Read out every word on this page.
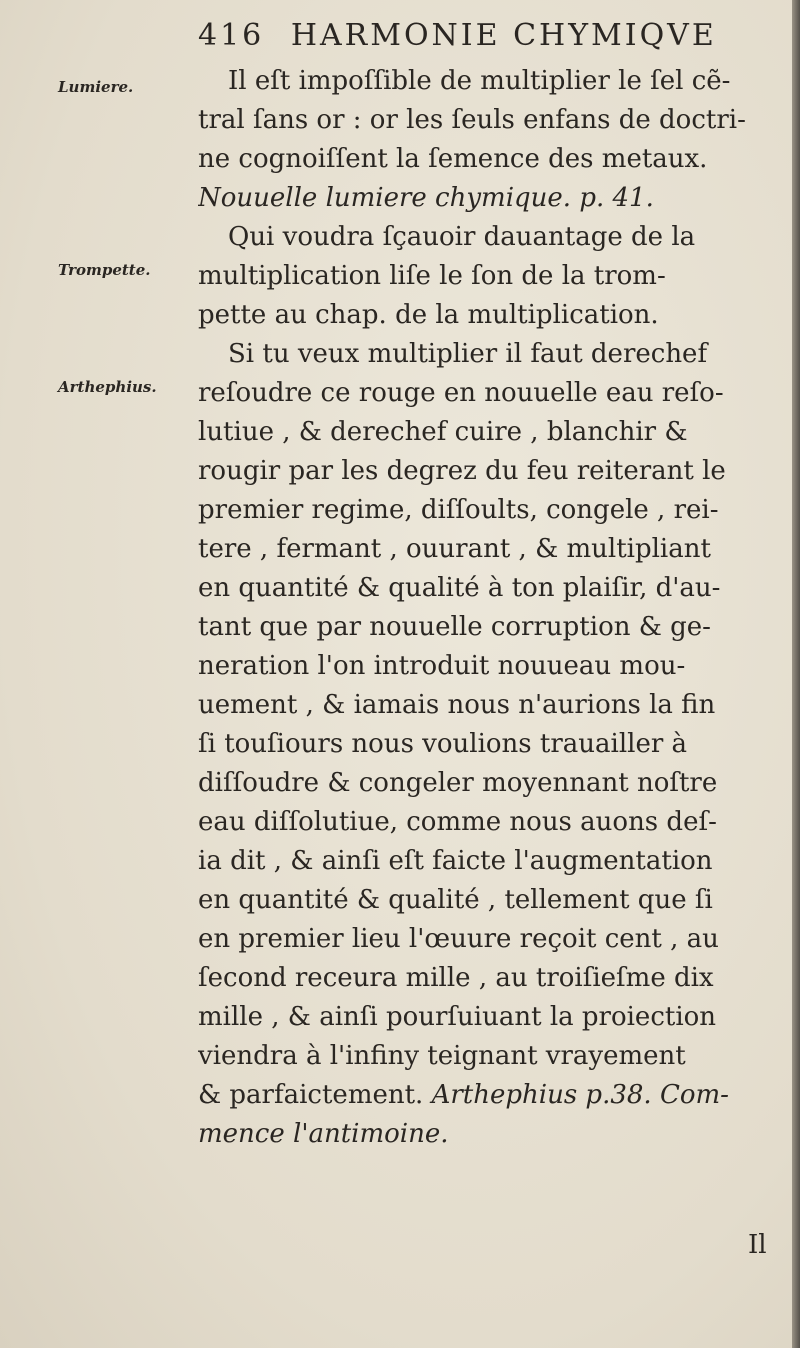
416 HARMONIE CHYMIQVE
Lumiere.
Trompette.
Arthephius.
Il eſt impoſſible de multiplier le ſel cẽ-
tral ſans or : or les ſeuls enfans de doctri-
ne cognoiſſent la ſemence des metaux.
Nouuelle lumiere chymique. p. 41.
Qui voudra ſçauoir dauantage de la
multiplication liſe le ſon de la trom-
pette au chap. de la multiplication.
Si tu veux multiplier il faut derechef
reſoudre ce rouge en nouuelle eau reſo-
lutiue , & derechef cuire , blanchir &
rougir par les degrez du feu reiterant le
premier regime, diſſoults, congele , rei-
tere , fermant , ouurant , & multipliant
en quantité & qualité à ton plaiſir, d'au-
tant que par nouuelle corruption & ge-
neration l'on introduit nouueau mou-
uement , & iamais nous n'aurions la fin
ſi touſiours nous voulions trauailler à
diſſoudre & congeler moyennant noſtre
eau diſſolutiue, comme nous auons deſ-
ia dit , & ainſi eſt faicte l'augmentation
en quantité & qualité , tellement que ſi
en premier lieu l'œuure reçoit cent , au
ſecond receura mille , au troiſieſme dix
mille , & ainſi pourſuiuant la proiection
viendra à l'infiny teignant vrayement
& parfaictement. Arthephius p.38. Com-
mence l'antimoine.
Il
